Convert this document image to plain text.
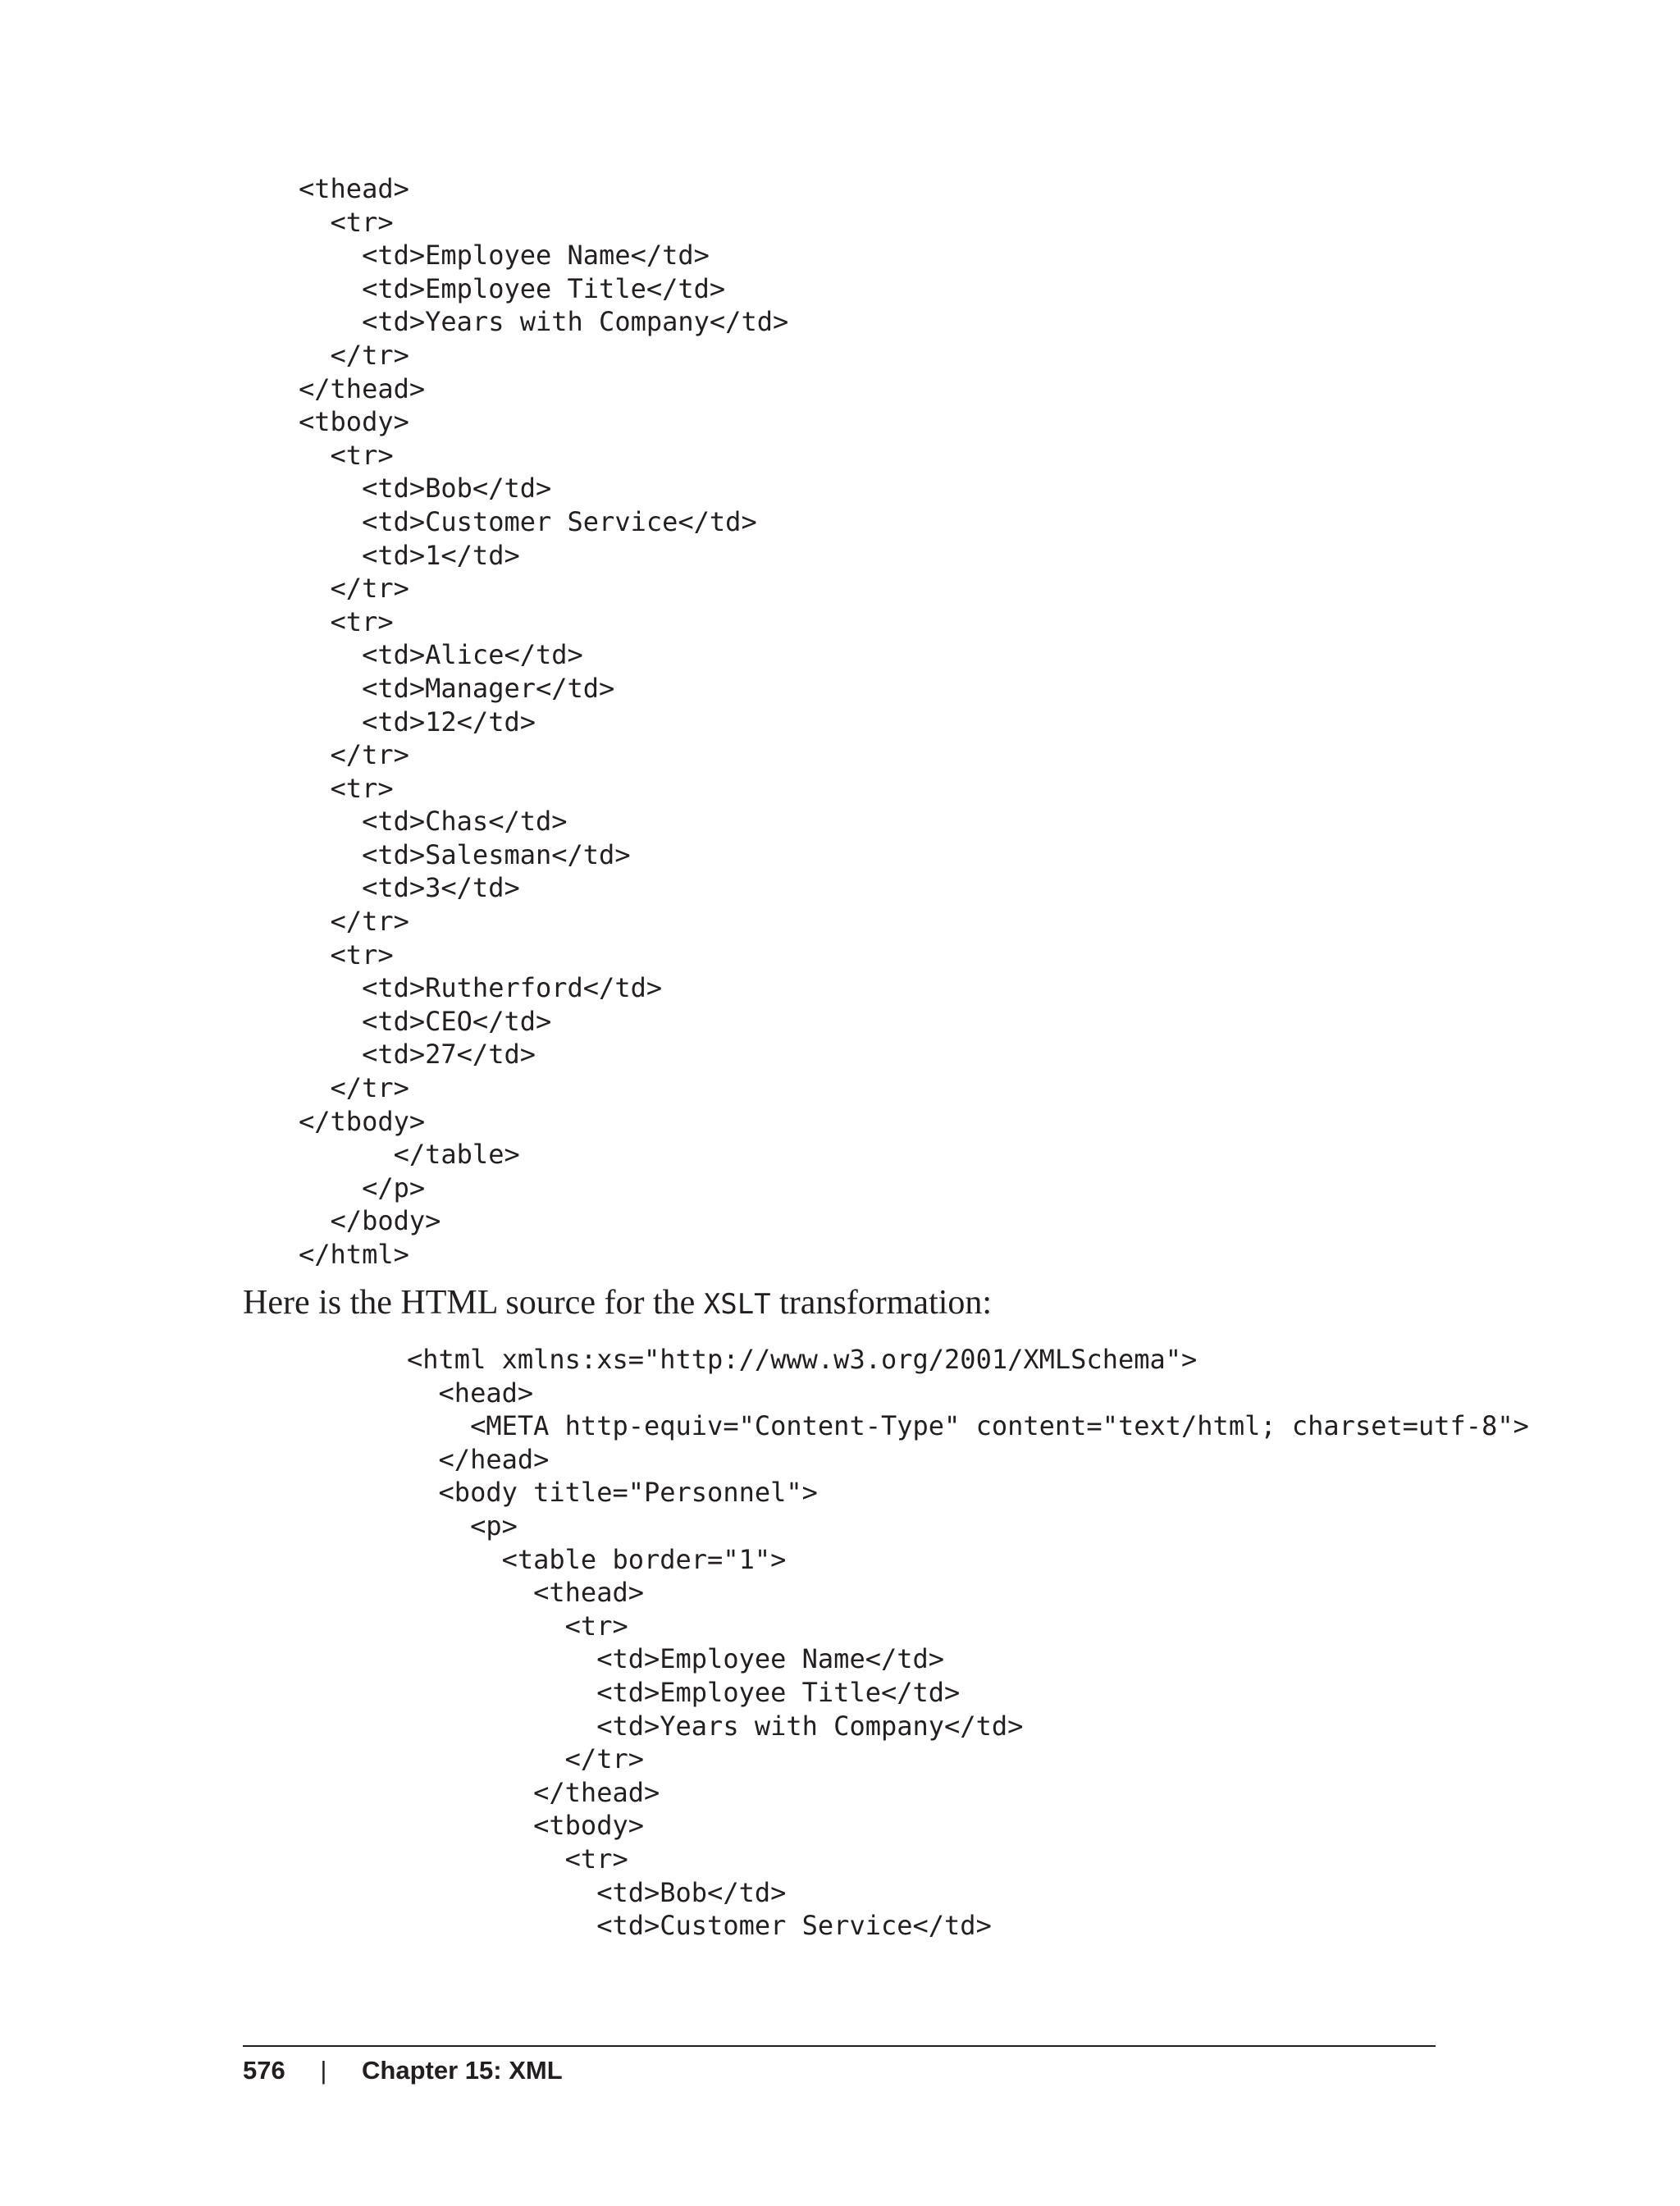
<thead>
<tr>
<td>Employee Name</td>
<td>Employee Title</td>
<td>Years with Company</td>
</tr>
</thead>
<tbody>
<tr>
<td>Bob</td>
<td>Customer Service</td>
<td>1</td>
</tr>
<tr>
<td>Alice</td>
<td>Manager</td>
<td>12</td>
</tr>
<tr>
<td>Chas</td>
<td>Salesman</td>
<td>3</td>
</tr>
<tr>
<td>Rutherford</td>
<td>CEO</td>
<td>27</td>
</tr>
</tbody>
</table>
</p>
</body>
</html>

Here is the HTML source for the XSLT transformation:

<html xmlns:xs="http://www.w3.org/2001/XMLSchema">
<head>
<META http-equiv="Content-Type" content="text/html; charset=utf-8">
</head>
<body title="Personnel">
<p>
<table border="1">
<thead>
<tr>
<td>Employee Name</td>
<td>Employee Title</td>
<td>Years with Company</td>
</tr>
</thead>
<tbody>
<tr>
<td>Bob</td>
<td>Customer Service</td>
576 | Chapter 15: XML
